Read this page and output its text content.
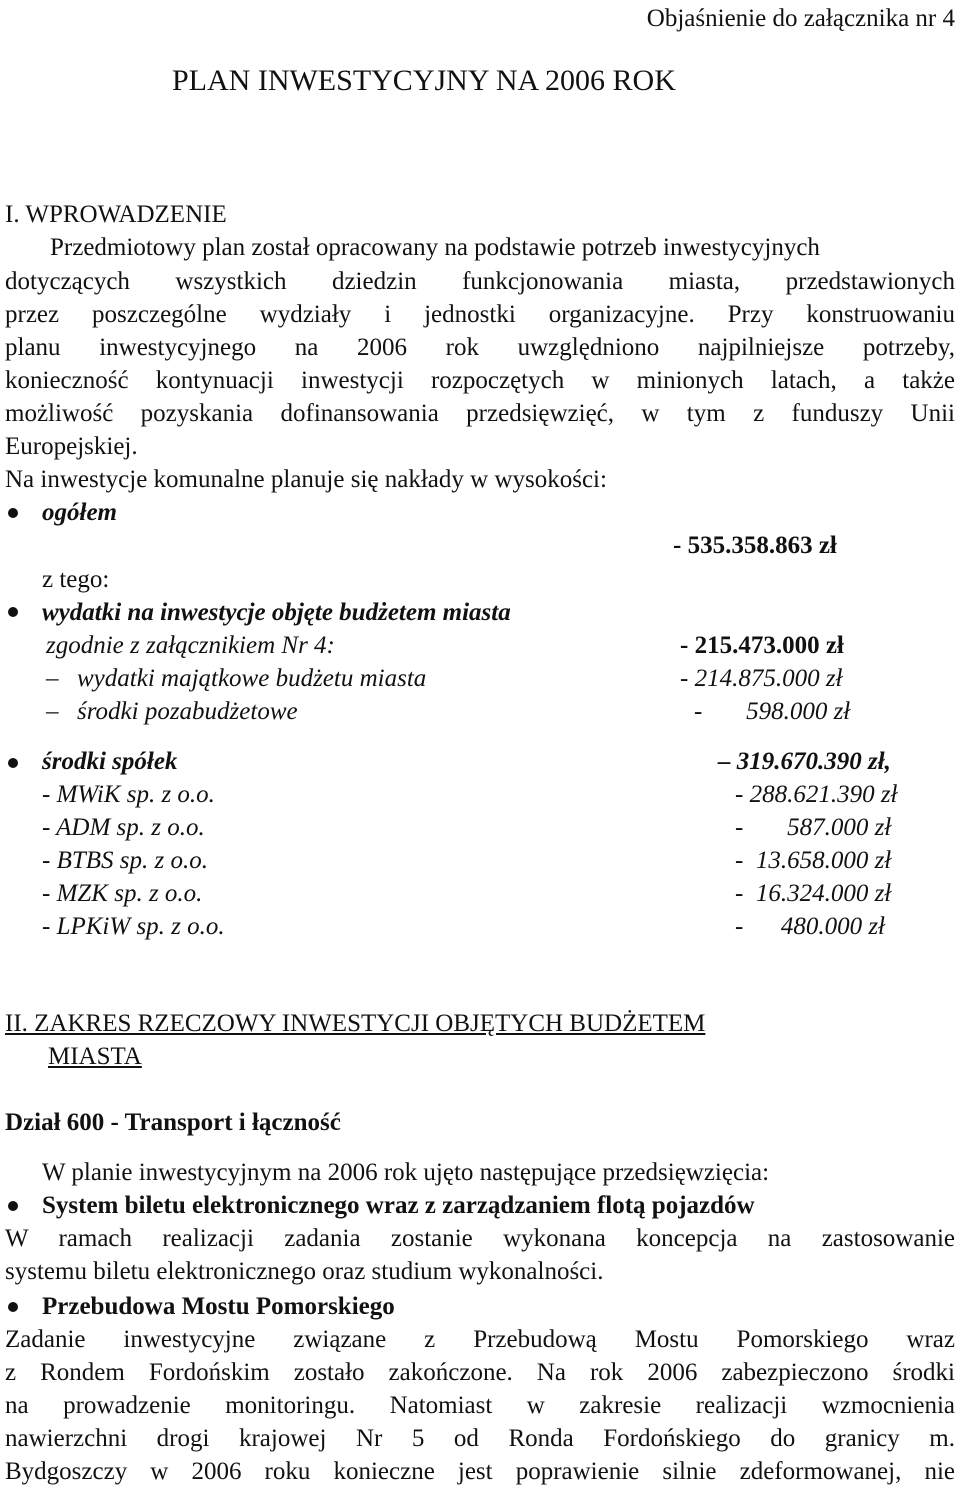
Objaśnienie do załącznika nr 4
PLAN INWESTYCYJNY NA 2006 ROK
I. WPROWADZENIE
Przedmiotowy plan został opracowany na podstawie potrzeb inwestycyjnych
dotyczących wszystkich dziedzin funkcjonowania miasta, przedstawionych
przez poszczególne wydziały i jednostki organizacyjne. Przy konstruowaniu
planu inwestycyjnego na 2006 rok uwzględniono najpilniejsze potrzeby,
konieczność kontynuacji inwestycji rozpoczętych w minionych latach, a także
możliwość pozyskania dofinansowania przedsięwzięć, w tym z funduszy Unii
Europejskiej.
Na inwestycje komunalne planuje się nakłady w wysokości:
ogółem
- 535.358.863 zł
z tego:
wydatki na inwestycje objęte budżetem miasta
zgodnie z załącznikiem Nr 4:	- 215.473.000 zł
– wydatki majątkowe budżetu miasta	- 214.875.000 zł
– środki pozabudżetowe	-       598.000 zł
środki spółek	– 319.670.390 zł,
- MWiK sp. z o.o.	- 288.621.390 zł
- ADM sp. z o.o.	-       587.000 zł
- BTBS sp. z o.o.	-  13.658.000 zł
- MZK sp. z o.o.	-  16.324.000 zł
- LPKiW sp. z o.o.	-      480.000 zł
II. ZAKRES RZECZOWY INWESTYCJI OBJĘTYCH BUDŻETEM
MIASTA
Dział 600 - Transport i łączność
W planie inwestycyjnym na 2006 rok ujęto następujące przedsięwzięcia:
System biletu elektronicznego wraz z zarządzaniem flotą pojazdów
W ramach realizacji zadania zostanie wykonana koncepcja na zastosowanie
systemu biletu elektronicznego oraz studium wykonalności.
Przebudowa Mostu Pomorskiego
Zadanie inwestycyjne związane z Przebudową Mostu Pomorskiego wraz
z Rondem Fordońskim zostało zakończone. Na rok 2006 zabezpieczono środki
na prowadzenie monitoringu. Natomiast w zakresie realizacji wzmocnienia
nawierzchni drogi krajowej Nr 5 od Ronda Fordońskiego do granicy m.
Bydgoszczy w 2006 roku konieczne jest poprawienie silnie zdeformowanej, nie
